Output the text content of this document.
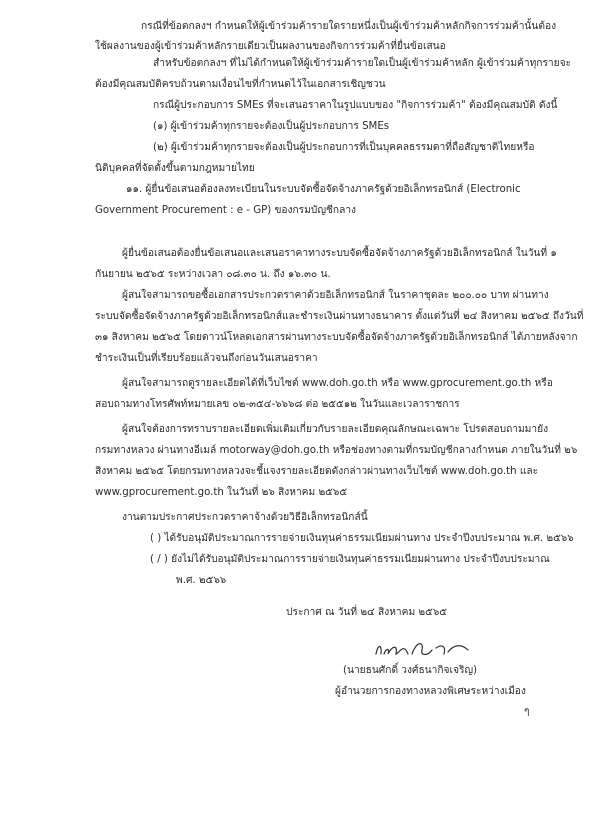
กรณีที่ข้อตกลงฯ กำหนดให้ผู้เข้าร่วมค้ารายใดรายหนึ่งเป็นผู้เข้าร่วมค้าหลักกิจการร่วมค้านั้นต้อง
ใช้ผลงานของผู้เข้าร่วมค้าหลักรายเดียวเป็นผลงานของกิจการร่วมค้าที่ยื่นข้อเสนอ
สำหรับข้อตกลงฯ ที่ไม่ได้กำหนดให้ผู้เข้าร่วมค้ารายใดเป็นผู้เข้าร่วมค้าหลัก ผู้เข้าร่วมค้าทุกรายจะ
ต้องมีคุณสมบัติครบถ้วนตามเงื่อนไขที่กำหนดไว้ในเอกสารเชิญชวน
กรณีผู้ประกอบการ SMEs ที่จะเสนอราคาในรูปแบบของ "กิจการร่วมค้า" ต้องมีคุณสมบัติ ดังนี้
(๑) ผู้เข้าร่วมค้าทุกรายจะต้องเป็นผู้ประกอบการ SMEs
(๒) ผู้เข้าร่วมค้าทุกรายจะต้องเป็นผู้ประกอบการที่เป็นบุคคลธรรมดาที่ถือสัญชาติไทยหรือ
นิติบุคคลที่จัดตั้งขึ้นตามกฎหมายไทย
๑๑. ผู้ยื่นข้อเสนอต้องลงทะเบียนในระบบจัดซื้อจัดจ้างภาครัฐด้วยอิเล็กทรอนิกส์ (Electronic
Government Procurement : e - GP) ของกรมบัญชีกลาง
ผู้ยื่นข้อเสนอต้องยื่นข้อเสนอและเสนอราคาทางระบบจัดซื้อจัดจ้างภาครัฐด้วยอิเล็กทรอนิกส์ ในวันที่ ๑
กันยายน ๒๕๖๕ ระหว่างเวลา ๐๘.๓๐ น. ถึง ๑๖.๓๐ น.
ผู้สนใจสามารถขอซื้อเอกสารประกวดราคาด้วยอิเล็กทรอนิกส์ ในราคาชุดละ ๒๐๐.๐๐ บาท ผ่านทาง
ระบบจัดซื้อจัดจ้างภาครัฐด้วยอิเล็กทรอนิกส์และชำระเงินผ่านทางธนาคาร ตั้งแต่วันที่ ๒๔ สิงหาคม ๒๕๖๕ ถึงวันที่
๓๑ สิงหาคม ๒๕๖๕ โดยดาวน์โหลดเอกสารผ่านทางระบบจัดซื้อจัดจ้างภาครัฐด้วยอิเล็กทรอนิกส์ ได้ภายหลังจาก
ชำระเงินเป็นที่เรียบร้อยแล้วจนถึงก่อนวันเสนอราคา
ผู้สนใจสามารถดูรายละเอียดได้ที่เว็บไซต์ www.doh.go.th หรือ www.gprocurement.go.th หรือ
สอบถามทางโทรศัพท์หมายเลข ๐๒-๓๕๔-๖๖๖๘ ต่อ ๒๕๕๑๒ ในวันและเวลาราชการ
ผู้สนใจต้องการทราบรายละเอียดเพิ่มเติมเกี่ยวกับรายละเอียดคุณลักษณะเฉพาะ โปรดสอบถามมายัง
กรมทางหลวง ผ่านทางอีเมล์ motorway@doh.go.th หรือช่องทางตามที่กรมบัญชีกลางกำหนด ภายในวันที่ ๒๖
สิงหาคม ๒๕๖๕ โดยกรมทางหลวงจะชี้แจงรายละเอียดดังกล่าวผ่านทางเว็บไซต์ www.doh.go.th และ
www.gprocurement.go.th ในวันที่ ๒๖ สิงหาคม ๒๕๖๕
งานตามประกาศประกวดราคาจ้างด้วยวิธีอิเล็กทรอนิกส์นี้
( ) ได้รับอนุมัติประมาณการรายจ่ายเงินทุนค่าธรรมเนียมผ่านทาง ประจำปีงบประมาณ พ.ศ. ๒๕๖๖
( / ) ยังไม่ได้รับอนุมัติประมาณการรายจ่ายเงินทุนค่าธรรมเนียมผ่านทาง ประจำปีงบประมาณ
พ.ศ. ๒๕๖๖
ประกาศ ณ วันที่ ๒๔ สิงหาคม ๒๕๖๕
(นายธนศักดิ์ วงศ์ธนากิจเจริญ)
ผู้อำนวยการกองทางหลวงพิเศษระหว่างเมือง
ๆ
